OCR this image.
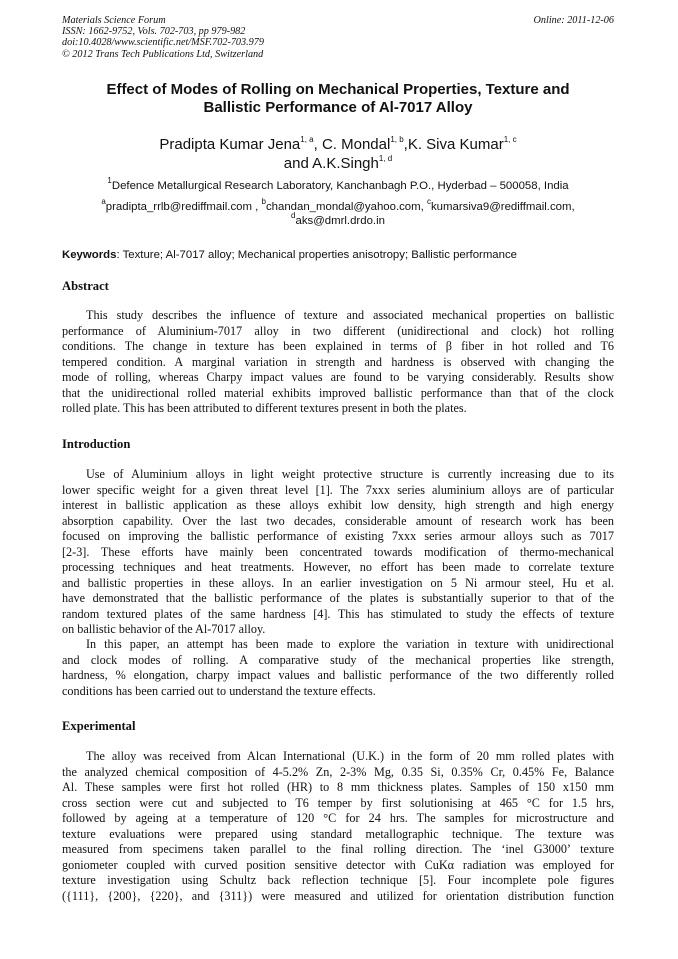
Materials Science Forum
ISSN: 1662-9752, Vols. 702-703, pp 979-982
doi:10.4028/www.scientific.net/MSF.702-703.979
© 2012 Trans Tech Publications Ltd, Switzerland
Online: 2011-12-06
Effect of Modes of Rolling on Mechanical Properties, Texture and
Ballistic Performance of Al-7017 Alloy
Pradipta Kumar Jena$^{1, a}$, C. Mondal$^{1, b}$,K. Siva Kumar$^{1, c}$
and A.K.Singh$^{1, d}$
$^1$Defence Metallurgical Research Laboratory, Kanchanbagh P.O., Hyderbad – 500058, India
$^a$pradipta_rrlb@rediffmail.com , $^b$chandan_mondal@yahoo.com, $^c$kumarsiva9@rediffmail.com,
$^d$aks@dmrl.drdo.in
Keywords: Texture; Al-7017 alloy; Mechanical properties anisotropy; Ballistic performance
Abstract
This study describes the influence of texture and associated mechanical properties on ballistic
performance of Aluminium-7017 alloy in two different (unidirectional and clock) hot rolling
conditions. The change in texture has been explained in terms of β fiber in hot rolled and T6
tempered condition. A marginal variation in strength and hardness is observed with changing the
mode of rolling, whereas Charpy impact values are found to be varying considerably. Results show
that the unidirectional rolled material exhibits improved ballistic performance than that of the clock
rolled plate. This has been attributed to different textures present in both the plates.
Introduction
Use of Aluminium alloys in light weight protective structure is currently increasing due to its
lower specific weight for a given threat level [1]. The 7xxx series aluminium alloys are of particular
interest in ballistic application as these alloys exhibit low density, high strength and high energy
absorption capability. Over the last two decades, considerable amount of research work has been
focused on improving the ballistic performance of existing 7xxx series armour alloys such as 7017
[2-3]. These efforts have mainly been concentrated towards modification of thermo-mechanical
processing techniques and heat treatments. However, no effort has been made to correlate texture
and ballistic properties in these alloys. In an earlier investigation on 5 Ni armour steel, Hu et al.
have demonstrated that the ballistic performance of the plates is substantially superior to that of the
random textured plates of the same hardness [4]. This has stimulated to study the effects of texture
on ballistic behavior of the Al-7017 alloy.
In this paper, an attempt has been made to explore the variation in texture with unidirectional
and clock modes of rolling. A comparative study of the mechanical properties like strength,
hardness, % elongation, charpy impact values and ballistic performance of the two differently rolled
conditions has been carried out to understand the texture effects.
Experimental
The alloy was received from Alcan International (U.K.) in the form of 20 mm rolled plates with
the analyzed chemical composition of 4-5.2% Zn, 2-3% Mg, 0.35 Si, 0.35% Cr, 0.45% Fe, Balance
Al. These samples were first hot rolled (HR) to 8 mm thickness plates. Samples of 150 x150 mm
cross section were cut and subjected to T6 temper by first solutionising at 465 °C for 1.5 hrs,
followed by ageing at a temperature of 120 °C for 24 hrs. The samples for microstructure and
texture evaluations were prepared using standard metallographic technique. The texture was
measured from specimens taken parallel to the final rolling direction. The ‘inel G3000’ texture
goniometer coupled with curved position sensitive detector with CuKα radiation was employed for
texture investigation using Schultz back reflection technique [5]. Four incomplete pole figures
({111}, {200}, {220}, and {311}) were measured and utilized for orientation distribution function
